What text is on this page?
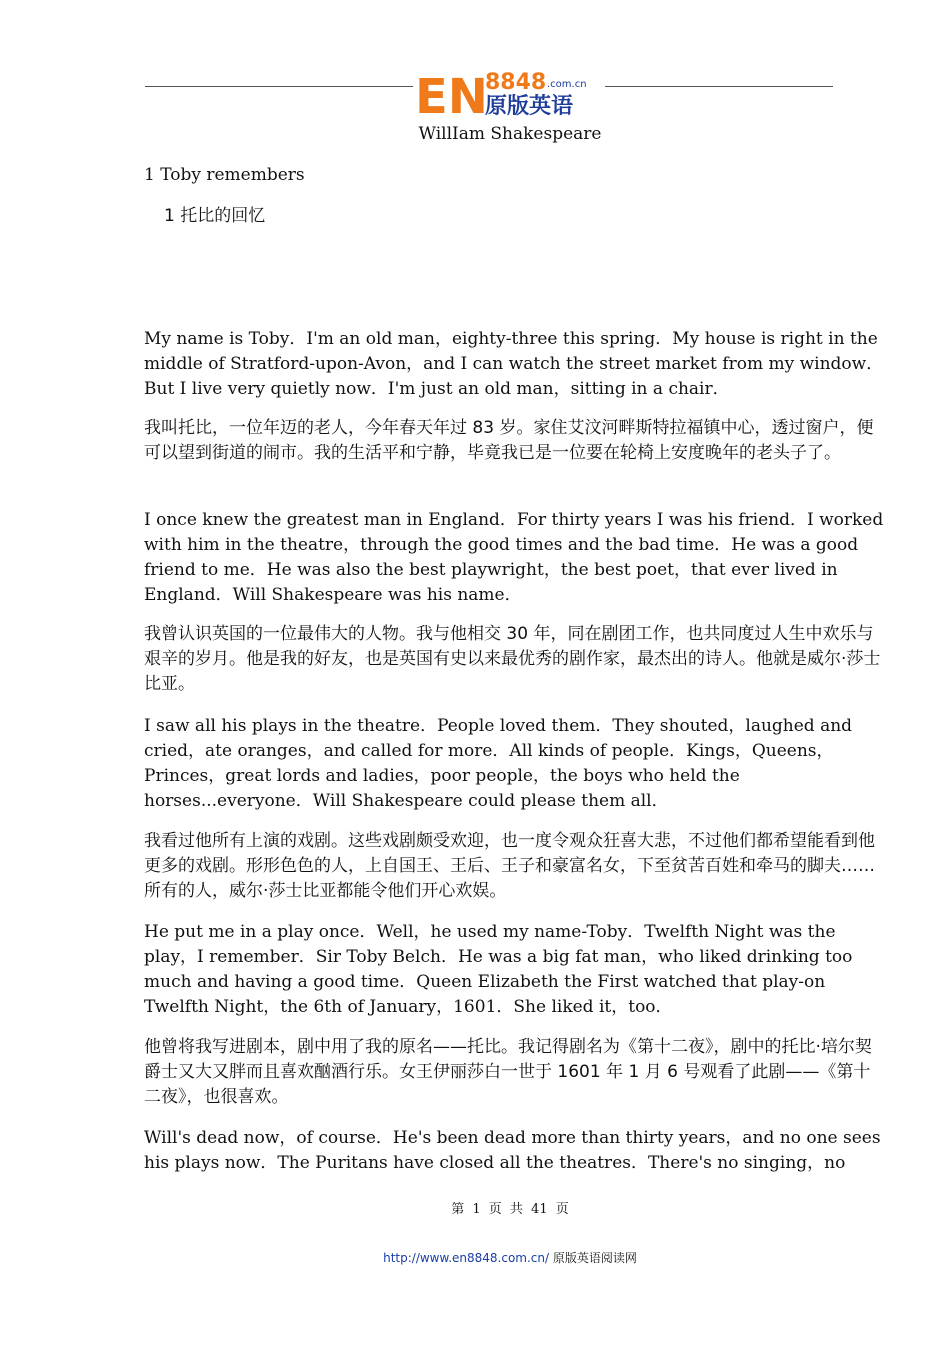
EN
8848 .com.cn
原版英语
WillIam Shakespeare
1 Toby remembers
1 托比的回忆
My name is Toby．I'm an old man，eighty-three this spring．My house is right in the middle of Stratford-upon-Avon，and I can watch the street market from my window．But I live very quietly now．I'm just an old man，sitting in a chair．
我叫托比，一位年迈的老人，今年春天年过 83 岁。家住艾汶河畔斯特拉福镇中心，透过窗户，便可以望到街道的闹市。我的生活平和宁静，毕竟我已是一位要在轮椅上安度晚年的老头子了。
I once knew the greatest man in England．For thirty years I was his friend．I worked with him in the theatre，through the good times and the bad time．He was a good friend to me．He was also the best playwright，the best poet，that ever lived in England．Will Shakespeare was his name．
我曾认识英国的一位最伟大的人物。我与他相交 30 年，同在剧团工作，也共同度过人生中欢乐与艰辛的岁月。他是我的好友，也是英国有史以来最优秀的剧作家，最杰出的诗人。他就是威尔·莎士比亚。
I saw all his plays in the theatre．People loved them．They shouted，laughed and cried，ate oranges，and called for more．All kinds of people．Kings，Queens，Princes，great lords and ladies，poor people，the boys who held the horses...everyone．Will Shakespeare could please them all．
我看过他所有上演的戏剧。这些戏剧颇受欢迎，也一度令观众狂喜大悲，不过他们都希望能看到他更多的戏剧。形形色色的人，上自国王、王后、王子和豪富名女，下至贫苦百姓和牵马的脚夫……所有的人，威尔·莎士比亚都能令他们开心欢娱。
He put me in a play once．Well，he used my name-Toby．Twelfth Night was the play，I remember．Sir Toby Belch．He was a big fat man，who liked drinking too much and having a good time．Queen Elizabeth the First watched that play-on Twelfth Night，the 6th of January，1601．She liked it，too．
他曾将我写进剧本，剧中用了我的原名——托比。我记得剧名为《第十二夜》，剧中的托比·培尔契爵士又大又胖而且喜欢酗酒行乐。女王伊丽莎白一世于 1601 年 1 月 6 号观看了此剧——《第十二夜》，也很喜欢。
Will's dead now，of course．He's been dead more than thirty years，and no one sees his plays now．The Puritans have closed all the theatres．There's no singing，no
第 1 页 共 41 页
http://www.en8848.com.cn/ 原版英语阅读网
